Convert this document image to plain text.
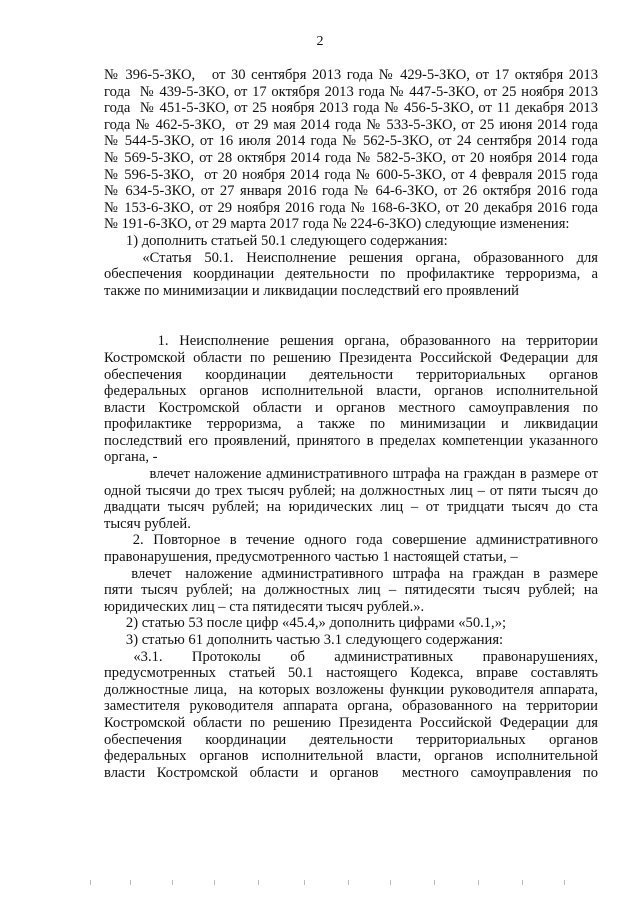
2
№ 396-5-ЗКО,   от 30 сентября 2013 года № 429-5-ЗКО, от 17 октября 2013
года  № 439-5-ЗКО, от 17 октября 2013 года № 447-5-ЗКО, от 25 ноября 2013
года  № 451-5-ЗКО, от 25 ноября 2013 года № 456-5-ЗКО, от 11 декабря 2013
года № 462-5-ЗКО,  от 29 мая 2014 года № 533-5-ЗКО, от 25 июня 2014 года
№ 544-5-ЗКО, от 16 июля 2014 года № 562-5-ЗКО, от 24 сентября 2014 года
№ 569-5-ЗКО, от 28 октября 2014 года № 582-5-ЗКО, от 20 ноября 2014 года
№ 596-5-ЗКО,  от 20 ноября 2014 года № 600-5-ЗКО, от 4 февраля 2015 года
№ 634-5-ЗКО, от 27 января 2016 года № 64-6-ЗКО, от 26 октября 2016 года
№ 153-6-ЗКО, от 29 ноября 2016 года № 168-6-ЗКО, от 20 декабря 2016 года
№ 191-6-ЗКО, от 29 марта 2017 года № 224-6-ЗКО) следующие изменения:
1) дополнить статьей 50.1 следующего содержания:
«Статья  50.1.  Неисполнение  решения  органа,  образованного  для
обеспечения координации деятельности по профилактике терроризма, а
также по минимизации и ликвидации последствий его проявлений
1.  Неисполнение  решения  органа,  образованного  на  территории
Костромской области по решению Президента Российской Федерации для
обеспечения      координации      деятельности      территориальных      органов
федеральных  органов  исполнительной  власти,  органов  исполнительной
власти  Костромской  области  и  органов  местного  самоуправления  по
профилактике  терроризма,  а  также  по  минимизации  и  ликвидации
последствий его проявлений, принятого в пределах компетенции указанного
органа, -
влечет наложение административного штрафа на граждан в размере от
одной тысячи до трех тысяч рублей; на должностных лиц – от пяти тысяч до
двадцати  тысяч  рублей;  на  юридических  лиц  –  от  тридцати  тысяч  до  ста
тысяч рублей.
2.  Повторное  в  течение  одного  года  совершение  административного
правонарушения, предусмотренного частью 1 настоящей статьи, –
влечет   наложение  административного  штрафа  на  граждан  в  размере
пяти  тысяч  рублей;  на  должностных  лиц  –  пятидесяти  тысяч  рублей;  на
юридических лиц – ста пятидесяти тысяч рублей.».
2) статью 53 после цифр «45.4,» дополнить цифрами «50.1,»;
3) статью 61 дополнить частью 3.1 следующего содержания:
«3.1.      Протоколы      об      административных      правонарушениях,
предусмотренных  статьей  50.1  настоящего  Кодекса,  вправе  составлять
должностные лица,  на которых возложены функции руководителя аппарата,
заместителя руководителя аппарата органа, образованного на территории
Костромской  области  по  решению  Президента  Российской  Федерации  для
обеспечения      координации      деятельности      территориальных      органов
федеральных  органов  исполнительной  власти,  органов  исполнительной
власти  Костромской  области  и  органов    местного  самоуправления  по
